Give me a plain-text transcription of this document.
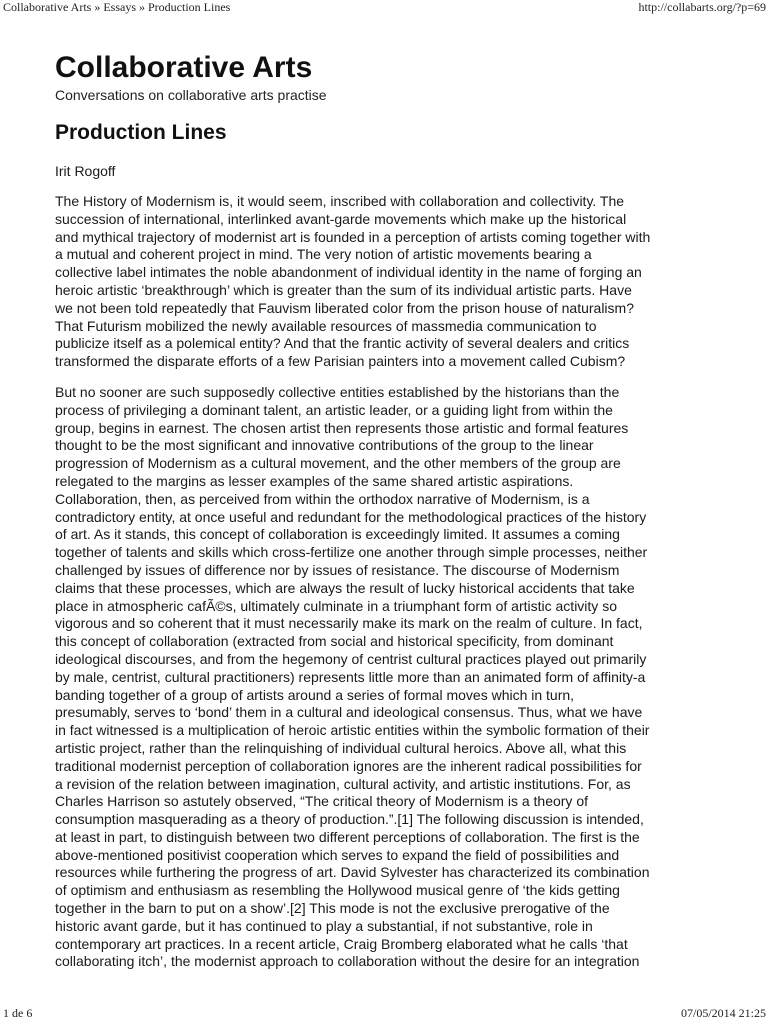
Collaborative Arts » Essays » Production Lines	http://collabarts.org/?p=69
Collaborative Arts

Conversations on collaborative arts practise

Production Lines

Irit Rogoff

The History of Modernism is, it would seem, inscribed with collaboration and collectivity. The
succession of international, interlinked avant-garde movements which make up the historical
and mythical trajectory of modernist art is founded in a perception of artists coming together with
a mutual and coherent project in mind. The very notion of artistic movements bearing a
collective label intimates the noble abandonment of individual identity in the name of forging an
heroic artistic ‘breakthrough’ which is greater than the sum of its individual artistic parts. Have
we not been told repeatedly that Fauvism liberated color from the prison house of naturalism?
That Futurism mobilized the newly available resources of massmedia communication to
publicize itself as a polemical entity? And that the frantic activity of several dealers and critics
transformed the disparate efforts of a few Parisian painters into a movement called Cubism?

But no sooner are such supposedly collective entities established by the historians than the
process of privileging a dominant talent, an artistic leader, or a guiding light from within the
group, begins in earnest. The chosen artist then represents those artistic and formal features
thought to be the most significant and innovative contributions of the group to the linear
progression of Modernism as a cultural movement, and the other members of the group are
relegated to the margins as lesser examples of the same shared artistic aspirations.
Collaboration, then, as perceived from within the orthodox narrative of Modernism, is a
contradictory entity, at once useful and redundant for the methodological practices of the history
of art. As it stands, this concept of collaboration is exceedingly limited. It assumes a coming
together of talents and skills which cross-fertilize one another through simple processes, neither
challenged by issues of difference nor by issues of resistance. The discourse of Modernism
claims that these processes, which are always the result of lucky historical accidents that take
place in atmospheric cafÃ©s, ultimately culminate in a triumphant form of artistic activity so
vigorous and so coherent that it must necessarily make its mark on the realm of culture. In fact,
this concept of collaboration (extracted from social and historical specificity, from dominant
ideological discourses, and from the hegemony of centrist cultural practices played out primarily
by male, centrist, cultural practitioners) represents little more than an animated form of affinity-a
banding together of a group of artists around a series of formal moves which in turn,
presumably, serves to ‘bond’ them in a cultural and ideological consensus. Thus, what we have
in fact witnessed is a multiplication of heroic artistic entities within the symbolic formation of their
artistic project, rather than the relinquishing of individual cultural heroics. Above all, what this
traditional modernist perception of collaboration ignores are the inherent radical possibilities for
a revision of the relation between imagination, cultural activity, and artistic institutions. For, as
Charles Harrison so astutely observed, “The critical theory of Modernism is a theory of
consumption masquerading as a theory of production.”.[1] The following discussion is intended,
at least in part, to distinguish between two different perceptions of collaboration. The first is the
above-mentioned positivist cooperation which serves to expand the field of possibilities and
resources while furthering the progress of art. David Sylvester has characterized its combination
of optimism and enthusiasm as resembling the Hollywood musical genre of ‘the kids getting
together in the barn to put on a show’.[2] This mode is not the exclusive prerogative of the
historic avant garde, but it has continued to play a substantial, if not substantive, role in
contemporary art practices. In a recent article, Craig Bromberg elaborated what he calls ‘that
collaborating itch’, the modernist approach to collaboration without the desire for an integration

1 de 6	07/05/2014 21:25
